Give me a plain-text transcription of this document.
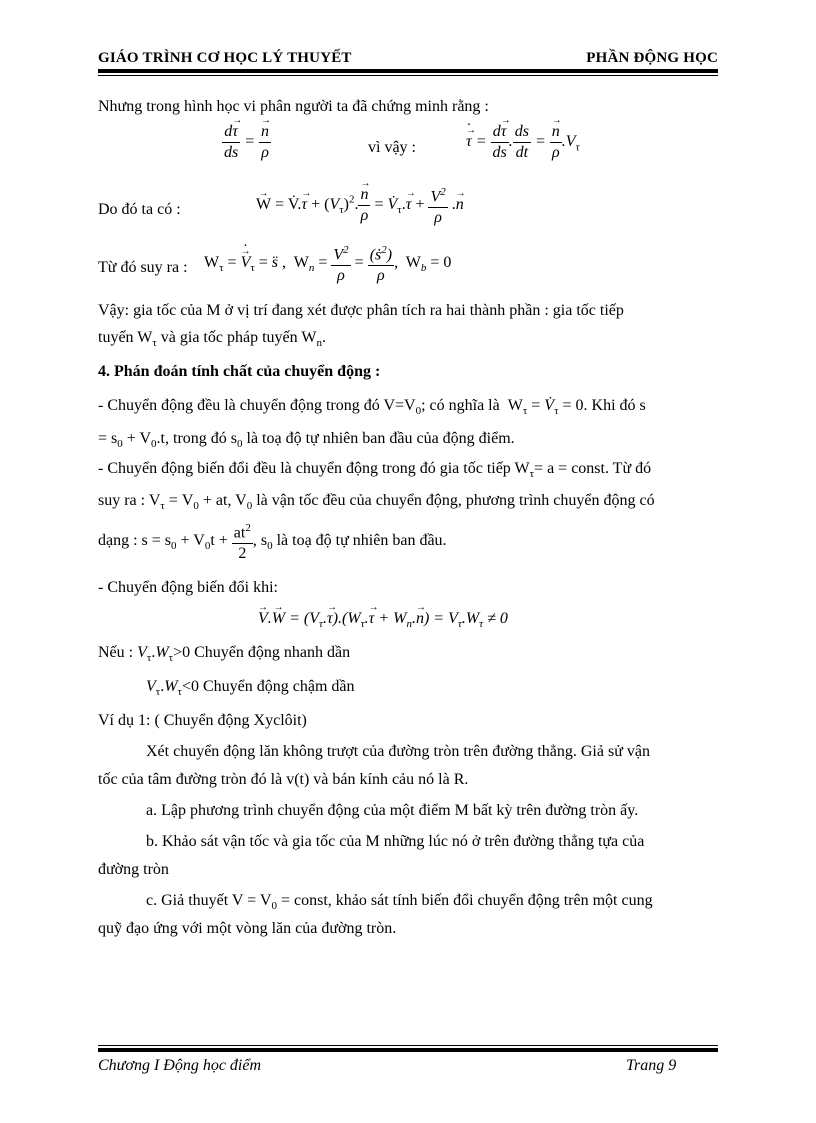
GIÁO TRÌNH CƠ HỌC LÝ THUYẾT	PHẦN ĐỘNG HỌC
Nhưng trong hình học vi phân người ta đã chứng minh rằng :
$\frac{d\to \tau}{ds}$ = → $\frac{n}{\rho}$	vì vậy :	˙ → $\tau = \frac{d\to \tau}{ds}$ . $\frac{ds}{dt}$ = → $\frac{n}{\rho} .V_\tau$
Do đó ta có :	→ W = V̇.→ $\tau + (V_\tau)^2$. → $\frac{n}{\rho}$ = $V̇_\tau.\to \tau + \frac{V^2}{\rho}$ .→ n
Từ đó suy ra : $W_\tau$ = ˙ → $V_\tau$ = s̈ ,  $W_n = \frac{V^2}{\rho} = \frac{(ṡ^2)}{\rho}$ ,  $W_b = 0$
Vậy: gia tốc của M ở vị trí đang xét được phân tích ra hai thành phần : gia tốc tiếp
tuyến $W_\tau$ và gia tốc pháp tuyến $W_n$.
4. Phán đoán tính chất của chuyển động :
- Chuyển động đều là chuyển động trong đó $V=V_0$; có nghĩa là  $W_\tau$ = $V̇_\tau = 0$. Khi đó s
= $s_0 + V_0.t$, trong đó $s_0$ là toạ độ tự nhiên ban đầu của động điểm.
- Chuyển động biến đổi đều là chuyển động trong đó gia tốc tiếp $W_\tau= a$ = const. Từ đó
suy ra : $V_\tau = V_0$ + at, $V_0$ là vận tốc đều của chuyển động, phương trình chuyển động có
dạng : $s = s_0 + V_0t + \frac{at^2}{2}$ , $s_0$ là toạ độ tự nhiên ban đầu.
- Chuyển động biến đổi khi:
→ $V.\to W = (V_\tau.\to \tau).(W_\tau.\to \tau + W_n.\to n) = V_\tau.W_\tau \ne 0$
Nếu : $V_\tau.W_\tau>0$ Chuyển động nhanh dần
$V_\tau.W_\tau<0$ Chuyển động chậm dần
Ví dụ 1: ( Chuyển động Xyclôit)
Xét chuyển động lăn không trượt của đường tròn trên đường thẳng. Giả sử vận
tốc của tâm đường tròn đó là v(t) và bán kính cảu nó là R.
a. Lập phương trình chuyển động của một điểm M bất kỳ trên đường tròn ấy.
b. Khảo sát vận tốc và gia tốc của M những lúc nó ở trên đường thẳng tựa của
đường tròn
c. Giả thuyết $V = V_0$ = const, khảo sát tính biến đổi chuyển động trên một cung
quỹ đạo ứng với một vòng lăn của đường tròn.
Chương I Động học điểm	Trang 9
